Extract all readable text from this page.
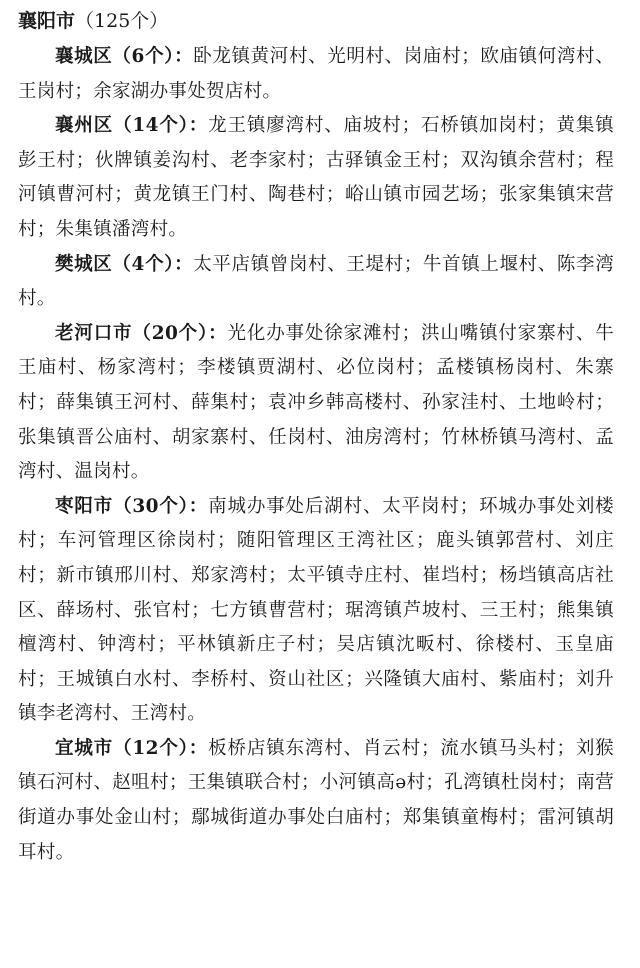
襄阳市（125个）

襄城区（6个）：卧龙镇黄河村、光明村、岗庙村；欧庙镇何湾村、王岗村；余家湖办事处贺店村。

襄州区（14个）：龙王镇廖湾村、庙坡村；石桥镇加岗村；黄集镇彭王村；伙牌镇姜沟村、老李家村；古驿镇金王村；双沟镇余营村；程河镇曹河村；黄龙镇王门村、陶巷村；峪山镇市园艺场；张家集镇宋营村；朱集镇潘湾村。

樊城区（4个）：太平店镇曾岗村、王堤村；牛首镇上堰村、陈李湾村。

老河口市（20个）：光化办事处徐家滩村；洪山嘴镇付家寨村、牛王庙村、杨家湾村；李楼镇贾湖村、必位岗村；孟楼镇杨岗村、朱寨村；薛集镇王河村、薛集村；袁冲乡韩高楼村、孙家洼村、土地岭村；张集镇晋公庙村、胡家寨村、任岗村、油房湾村；竹林桥镇马湾村、孟湾村、温岗村。

枣阳市（30个）：南城办事处后湖村、太平岗村；环城办事处刘楼村；车河管理区徐岗村；随阳管理区王湾社区；鹿头镇郭营村、刘庄村；新市镇邢川村、郑家湾村；太平镇寺庄村、崔垱村；杨垱镇高店社区、薛场村、张官村；七方镇曹营村；琚湾镇芦坡村、三王村；熊集镇檀湾村、钟湾村；平林镇新庄子村；吴店镇沈畈村、徐楼村、玉皇庙村；王城镇白水村、李桥村、资山社区；兴隆镇大庙村、紫庙村；刘升镇李老湾村、王湾村。

宜城市（12个）：板桥店镇东湾村、肖云村；流水镇马头村；刘猴镇石河村、赵咀村；王集镇联合村；小河镇高ə村；孔湾镇杜岗村；南营街道办事处金山村；鄢城街道办事处白庙村；郑集镇童梅村；雷河镇胡耳村。
